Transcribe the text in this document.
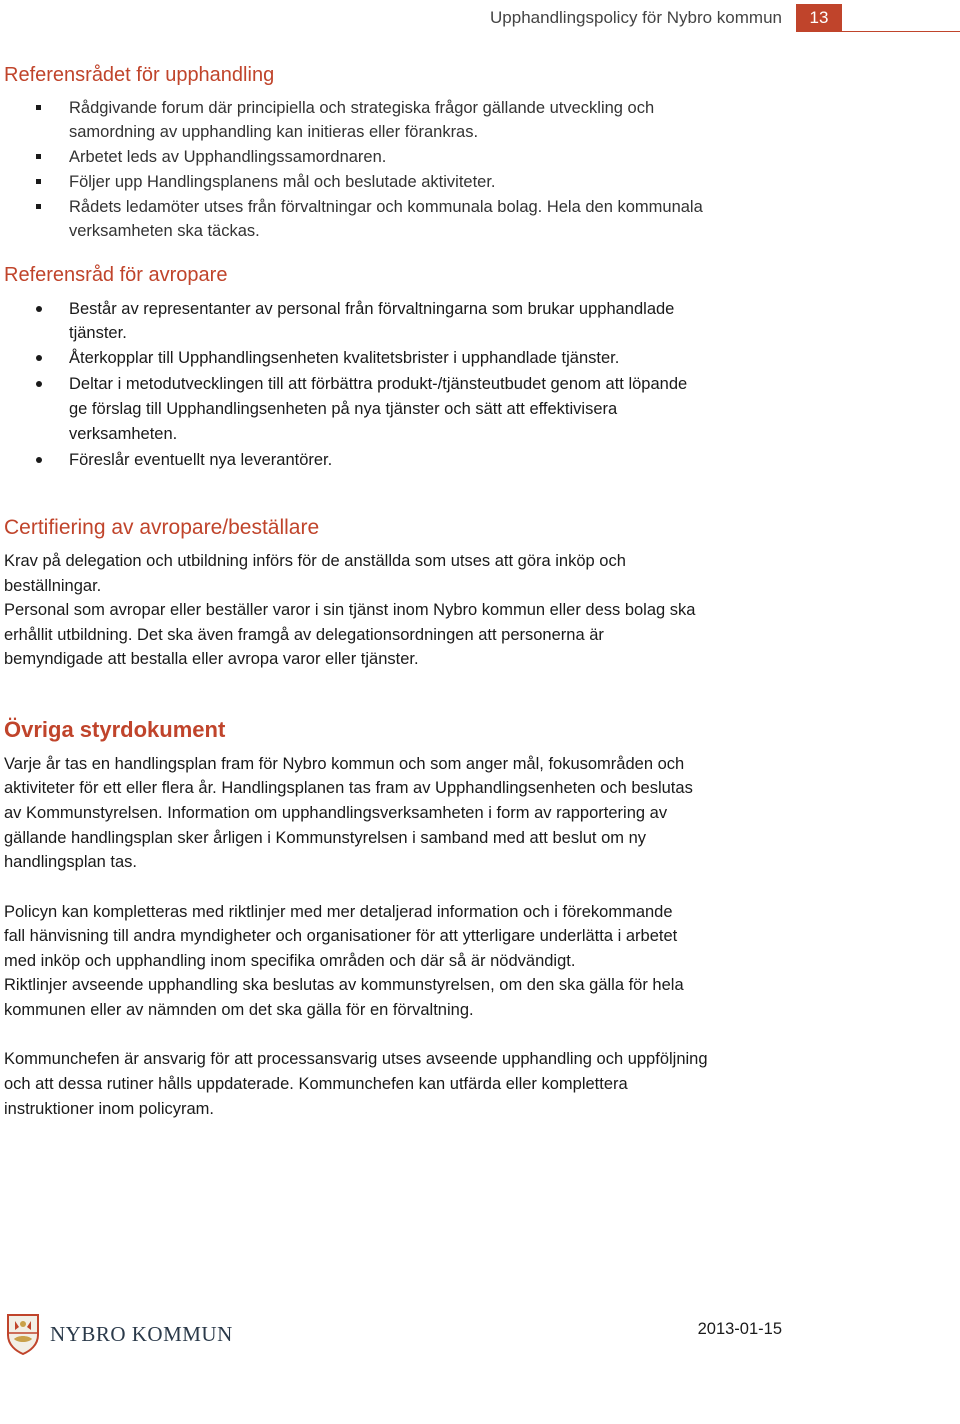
Upphandlingspolicy för Nybro kommun	13
Referensrådet för upphandling
Rådgivande forum där principiella och strategiska frågor gällande utveckling och
samordning av upphandling kan initieras eller förankras.
Arbetet leds av Upphandlingssamordnaren.
Följer upp Handlingsplanens mål och beslutade aktiviteter.
Rådets ledamöter utses från förvaltningar och kommunala bolag. Hela den kommunala
verksamheten ska täckas.
Referensråd för avropare
Består av representanter av personal från förvaltningarna som brukar upphandlade
tjänster.
Återkopplar till Upphandlingsenheten kvalitetsbrister i upphandlade tjänster.
Deltar i metodutvecklingen till att förbättra produkt-/tjänsteutbudet genom att löpande
ge förslag till Upphandlingsenheten på nya tjänster och sätt att effektivisera
verksamheten.
Föreslår eventuellt nya leverantörer.
Certifiering av avropare/beställare
Krav på delegation och utbildning införs för de anställda som utses att göra inköp och
beställningar.
Personal som avropar eller beställer varor i sin tjänst inom Nybro kommun eller dess bolag ska
erhållit utbildning. Det ska även framgå av delegationsordningen att personerna är
bemyndigade att bestalla eller avropa varor eller tjänster.
Övriga styrdokument
Varje år tas en handlingsplan fram för Nybro kommun och som anger mål, fokusområden och
aktiviteter för ett eller flera år. Handlingsplanen tas fram av Upphandlingsenheten och beslutas
av Kommunstyrelsen. Information om upphandlingsverksamheten i form av rapportering av
gällande handlingsplan sker årligen i Kommunstyrelsen i samband med att beslut om ny
handlingsplan tas.
Policyn kan kompletteras med riktlinjer med mer detaljerad information och i förekommande
fall hänvisning till andra myndigheter och organisationer för att ytterligare underlätta i arbetet
med inköp och upphandling inom specifika områden och där så är nödvändigt.
Riktlinjer avseende upphandling ska beslutas av kommunstyrelsen, om den ska gälla för hela
kommunen eller av nämnden om det ska gälla för en förvaltning.
Kommunchefen är ansvarig för att processansvarig utses avseende upphandling och uppföljning
och att dessa rutiner hålls uppdaterade. Kommunchefen kan utfärda eller komplettera
instruktioner inom policyram.
NYBRO KOMMUN	2013-01-15
